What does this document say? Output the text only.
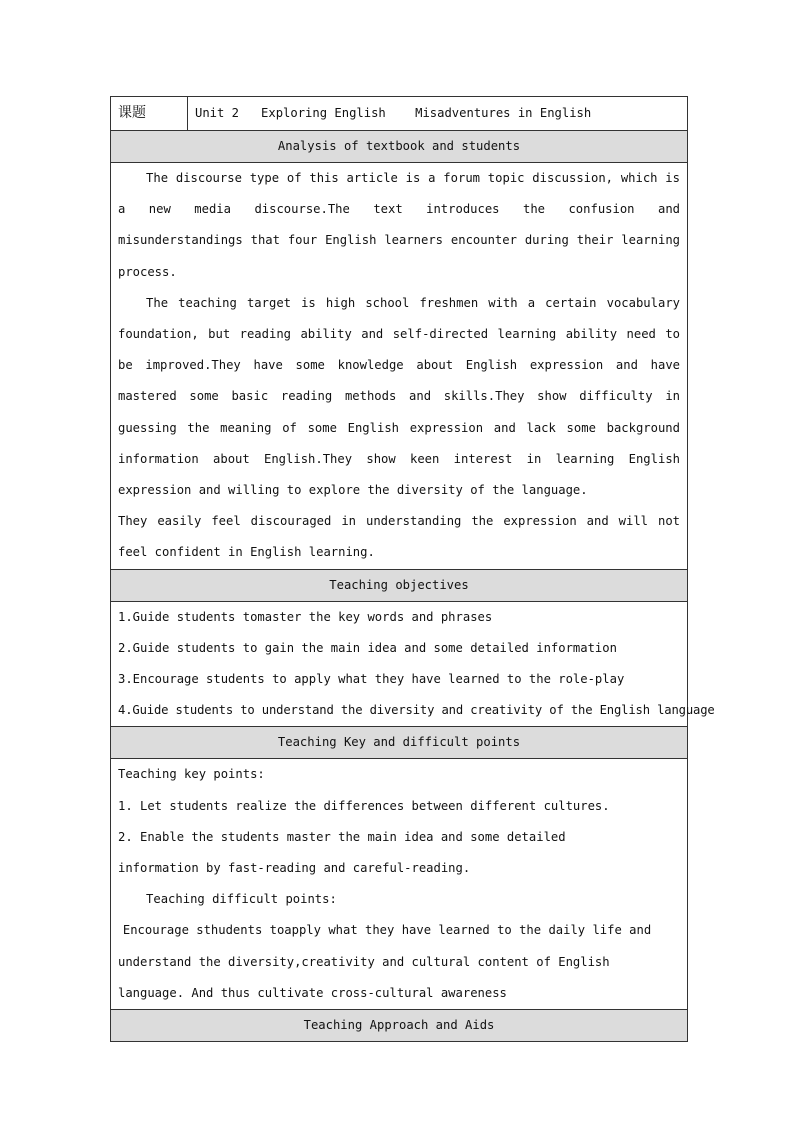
课题	Unit 2   Exploring English    Misadventures in English
Analysis of textbook and students

The discourse type of this article is a forum topic discussion, which is a new media discourse.The text introduces the confusion and misunderstandings that four English learners encounter during their learning process.

The teaching target is high school freshmen with a certain vocabulary foundation, but reading ability and self-directed learning ability need to be improved.They have some knowledge about English expression and have mastered some basic reading methods and skills.They show difficulty in guessing the meaning of some English expression and lack some background information about English.They show keen interest in learning English expression and willing to explore the diversity of the language.

They easily feel discouraged in understanding the expression and will not feel confident in English learning.

Teaching objectives

1.Guide students tomaster the key words and phrases

2.Guide students to gain the main idea and some detailed information

3.Encourage students to apply what they have learned to the role-play

4.Guide students to understand the diversity and creativity of the English language

Teaching Key and difficult points

Teaching key points:

1. Let students realize the differences between different cultures.

2. Enable the students master the main idea and some detailed information by fast-reading and careful-reading.

Teaching difficult points:

Encourage sthudents toapply what they have learned to the daily life and understand the diversity,creativity and cultural content of English language. And thus cultivate cross-cultural awareness

Teaching Approach and Aids
